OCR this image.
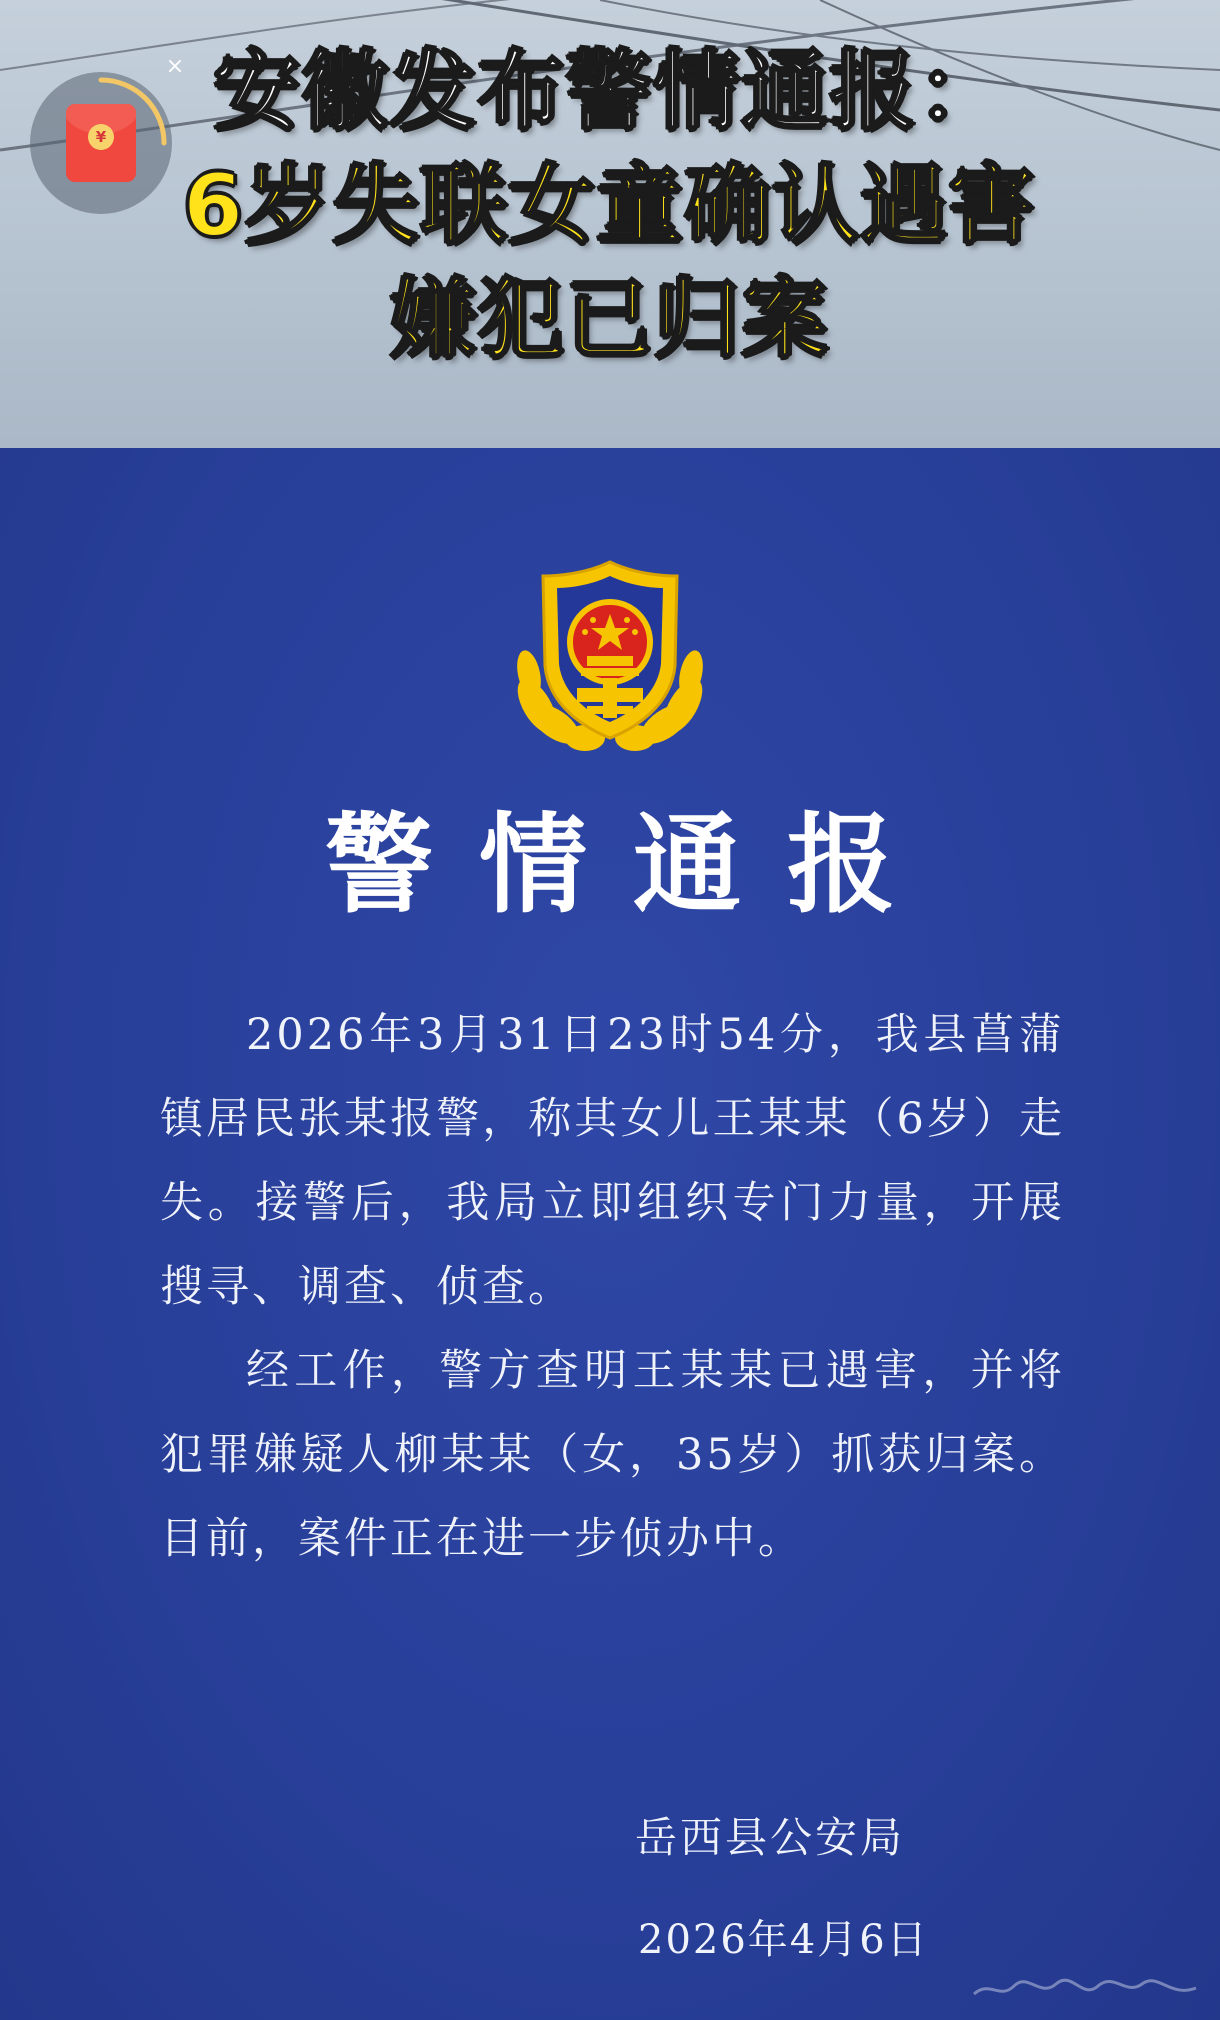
¥
× 安徽发布警情通报：
6岁失联女童确认遇害
嫌犯已归案
警情通报

2026年3月31日23时54分，我县菖蒲镇居民张某报警，称其女儿王某某（6岁）走失。接警后，我局立即组织专门力量，开展搜寻、调查、侦查。

经工作，警方查明王某某已遇害，并将犯罪嫌疑人柳某某（女，35岁）抓获归案。目前，案件正在进一步侦办中。

岳西县公安局
2026年4月6日
